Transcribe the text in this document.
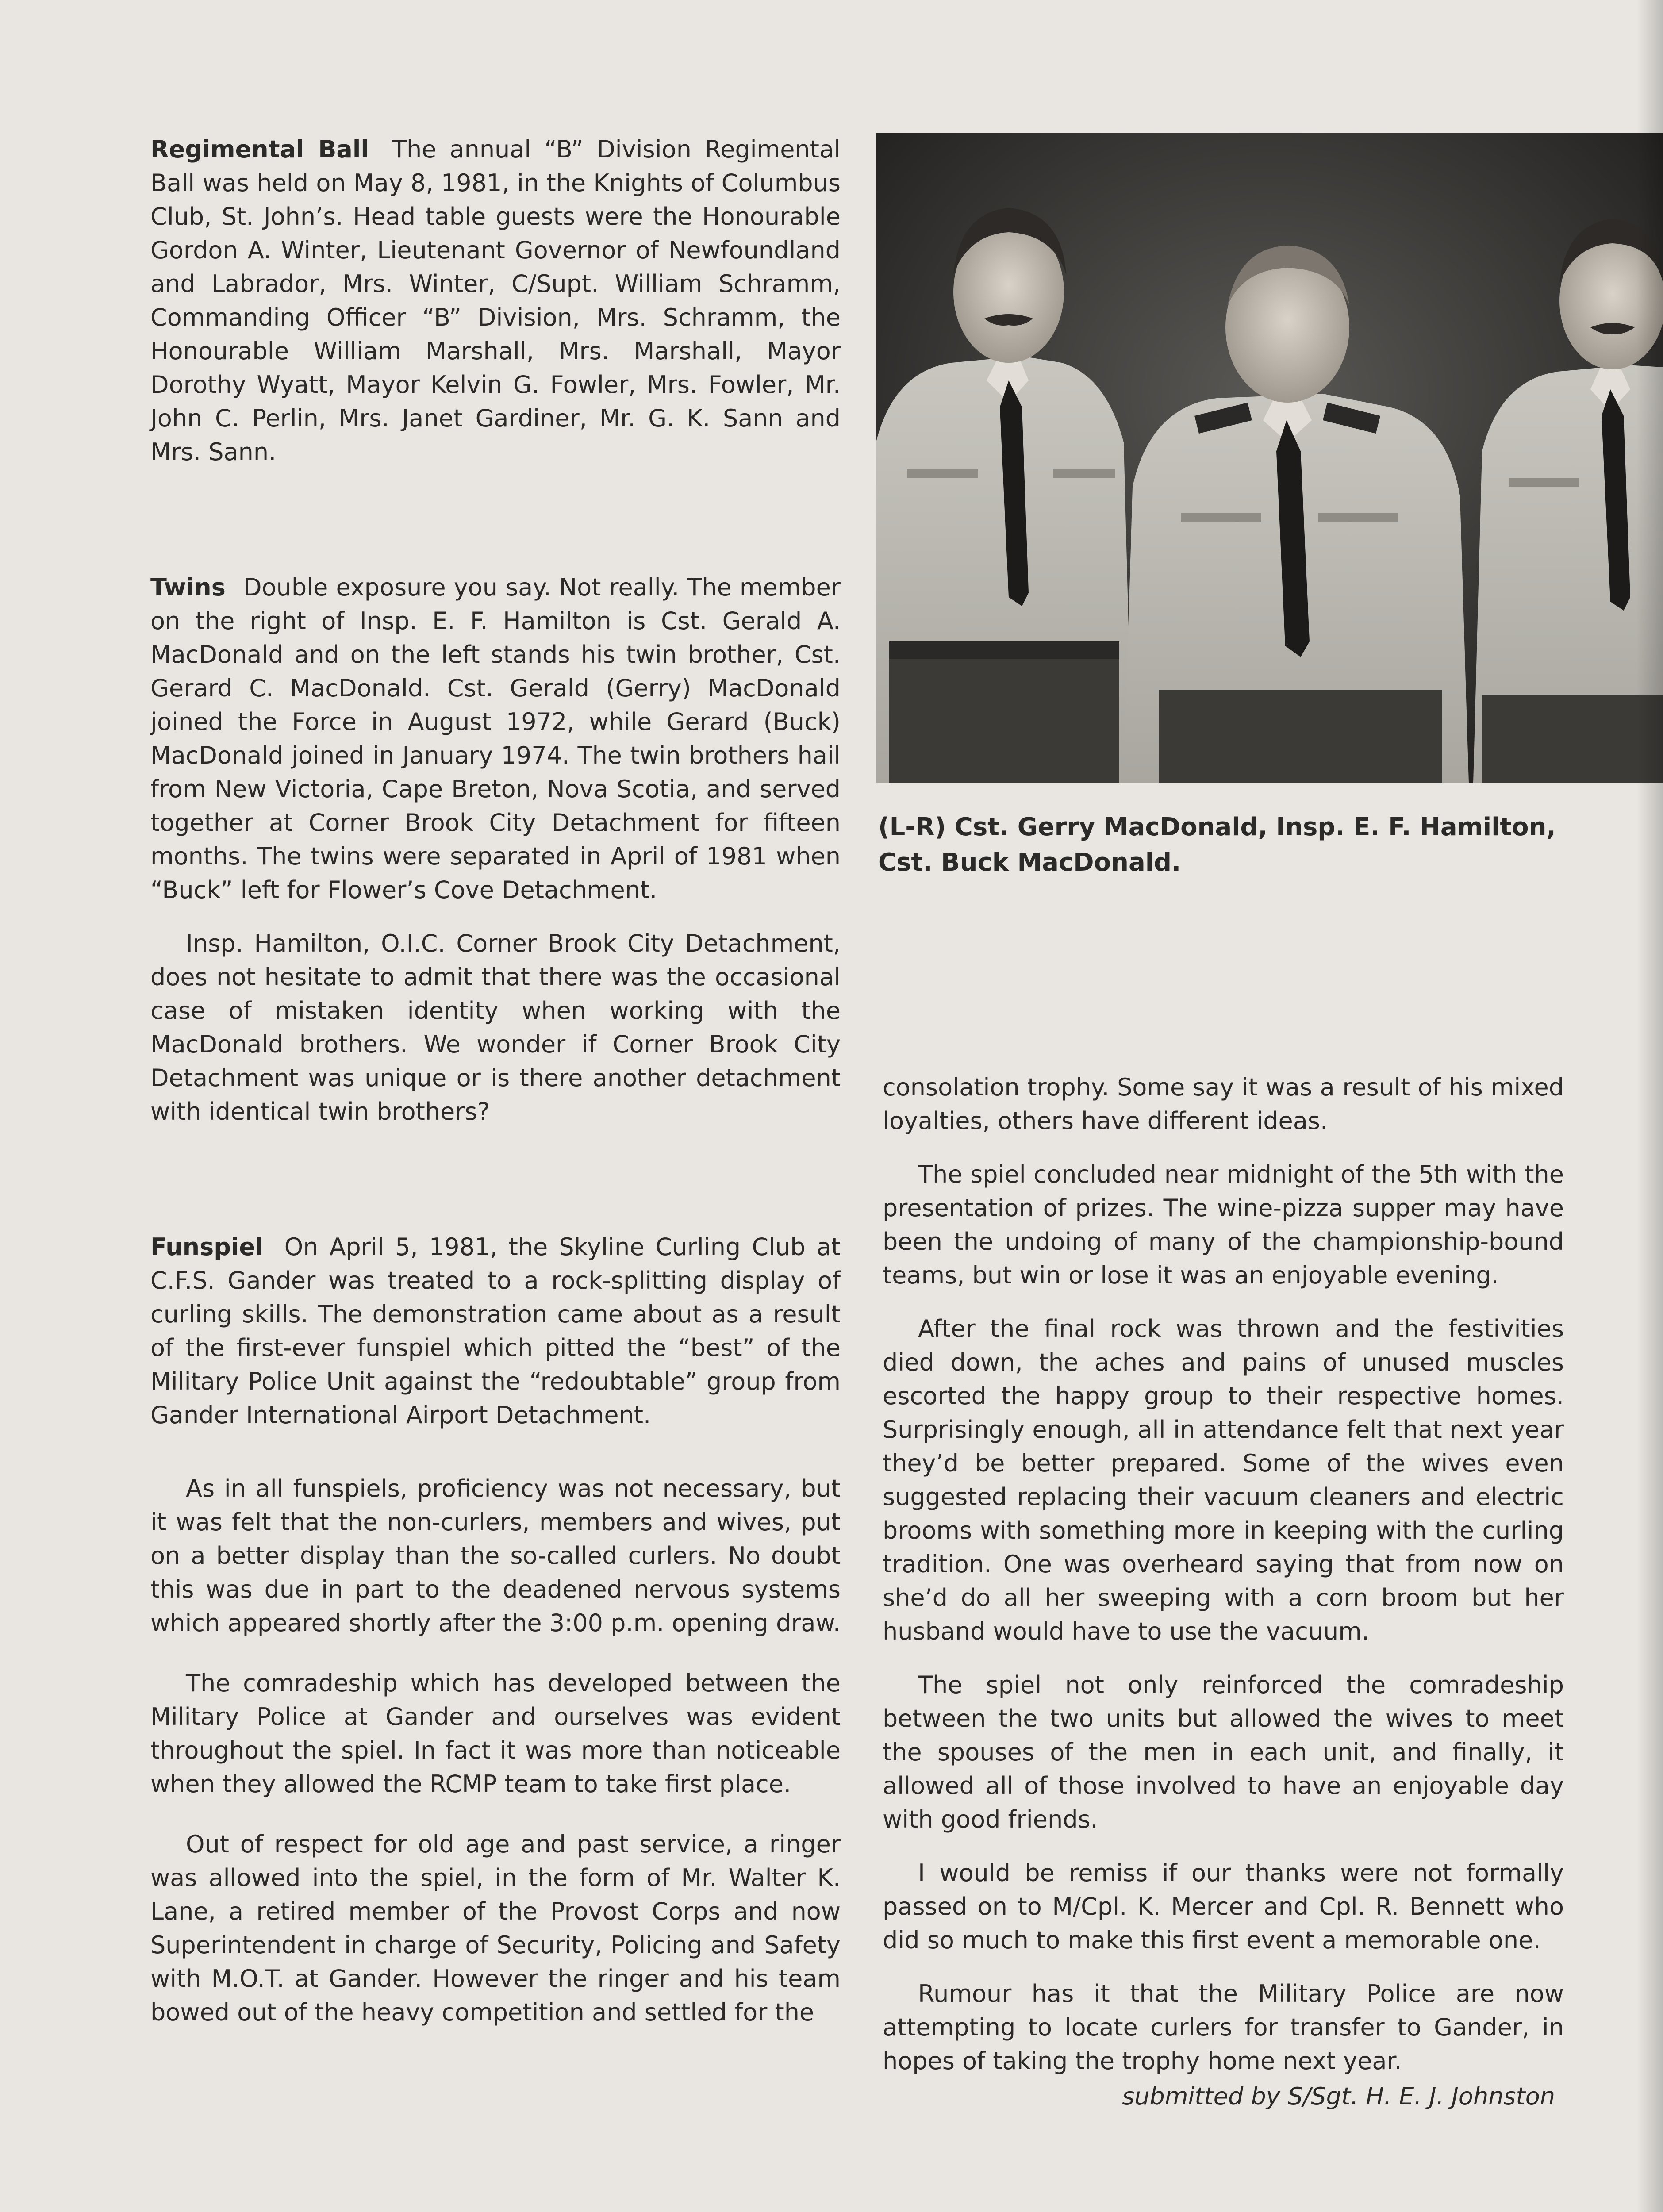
Regimental Ball The annual “B” Division Regimental Ball was held on May 8, 1981, in the Knights of Columbus Club, St. John’s. Head table guests were the Honourable Gordon A. Winter, Lieutenant Governor of Newfoundland and Labrador, Mrs. Winter, C/Supt. William Schramm, Commanding Officer “B” Division, Mrs. Schramm, the Honourable William Marshall, Mrs. Marshall, Mayor Dorothy Wyatt, Mayor Kelvin G. Fowler, Mrs. Fowler, Mr. John C. Perlin, Mrs. Janet Gardiner, Mr. G. K. Sann and Mrs. Sann.

Twins Double exposure you say. Not really. The member on the right of Insp. E. F. Hamilton is Cst. Gerald A. MacDonald and on the left stands his twin brother, Cst. Gerard C. MacDonald. Cst. Gerald (Gerry) MacDonald joined the Force in August 1972, while Gerard (Buck) MacDonald joined in January 1974. The twin brothers hail from New Victoria, Cape Breton, Nova Scotia, and served together at Corner Brook City Detachment for fifteen months. The twins were separated in April of 1981 when “Buck” left for Flower’s Cove Detachment.

Insp. Hamilton, O.I.C. Corner Brook City Detachment, does not hesitate to admit that there was the occasional case of mistaken identity when working with the MacDonald brothers. We wonder if Corner Brook City Detachment was unique or is there another detachment with identical twin brothers?

Funspiel On April 5, 1981, the Skyline Curling Club at C.F.S. Gander was treated to a rock-splitting display of curling skills. The demonstration came about as a result of the first-ever funspiel which pitted the “best” of the Military Police Unit against the “redoubtable” group from Gander International Airport Detachment.

As in all funspiels, proficiency was not necessary, but it was felt that the non-curlers, members and wives, put on a better display than the so-called curlers. No doubt this was due in part to the deadened nervous systems which appeared shortly after the 3:00 p.m. opening draw.

The comradeship which has developed between the Military Police at Gander and ourselves was evident throughout the spiel. In fact it was more than noticeable when they allowed the RCMP team to take first place.

Out of respect for old age and past service, a ringer was allowed into the spiel, in the form of Mr. Walter K. Lane, a retired member of the Provost Corps and now Superintendent in charge of Security, Policing and Safety with M.O.T. at Gander. However the ringer and his team bowed out of the heavy competition and settled for the

(L-R) Cst. Gerry MacDonald, Insp. E. F. Hamilton, Cst. Buck MacDonald.

consolation trophy. Some say it was a result of his mixed loyalties, others have different ideas.

The spiel concluded near midnight of the 5th with the presentation of prizes. The wine-pizza supper may have been the undoing of many of the championship-bound teams, but win or lose it was an enjoyable evening.

After the final rock was thrown and the festivities died down, the aches and pains of unused muscles escorted the happy group to their respective homes. Surprisingly enough, all in attendance felt that next year they’d be better prepared. Some of the wives even suggested replacing their vacuum cleaners and electric brooms with something more in keeping with the curling tradition. One was overheard saying that from now on she’d do all her sweeping with a corn broom but her husband would have to use the vacuum.

The spiel not only reinforced the comradeship between the two units but allowed the wives to meet the spouses of the men in each unit, and finally, it allowed all of those involved to have an enjoyable day with good friends.

I would be remiss if our thanks were not formally passed on to M/Cpl. K. Mercer and Cpl. R. Bennett who did so much to make this first event a memorable one.

Rumour has it that the Military Police are now attempting to locate curlers for transfer to Gander, in hopes of taking the trophy home next year.

submitted by S/Sgt. H. E. J. Johnston
